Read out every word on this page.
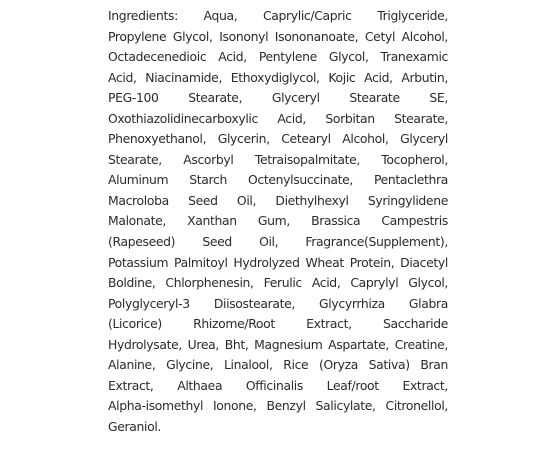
Ingredients: Aqua, Caprylic/Capric Triglyceride,
Propylene Glycol, Isononyl Isononanoate, Cetyl Alcohol,
Octadecenedioic Acid, Pentylene Glycol, Tranexamic
Acid, Niacinamide, Ethoxydiglycol, Kojic Acid, Arbutin,
PEG-100 Stearate, Glyceryl Stearate SE,
Oxothiazolidinecarboxylic Acid, Sorbitan Stearate,
Phenoxyethanol, Glycerin, Cetearyl Alcohol, Glyceryl
Stearate, Ascorbyl Tetraisopalmitate, Tocopherol,
Aluminum Starch Octenylsuccinate, Pentaclethra
Macroloba Seed Oil, Diethylhexyl Syringylidene
Malonate, Xanthan Gum, Brassica Campestris
(Rapeseed) Seed Oil, Fragrance(Supplement),
Potassium Palmitoyl Hydrolyzed Wheat Protein, Diacetyl
Boldine, Chlorphenesin, Ferulic Acid, Caprylyl Glycol,
Polyglyceryl-3 Diisostearate, Glycyrrhiza Glabra
(Licorice) Rhizome/Root Extract, Saccharide
Hydrolysate, Urea, Bht, Magnesium Aspartate, Creatine,
Alanine, Glycine, Linalool, Rice (Oryza Sativa) Bran
Extract, Althaea Officinalis Leaf/root Extract,
Alpha-isomethyl Ionone, Benzyl Salicylate, Citronellol,
Geraniol.
